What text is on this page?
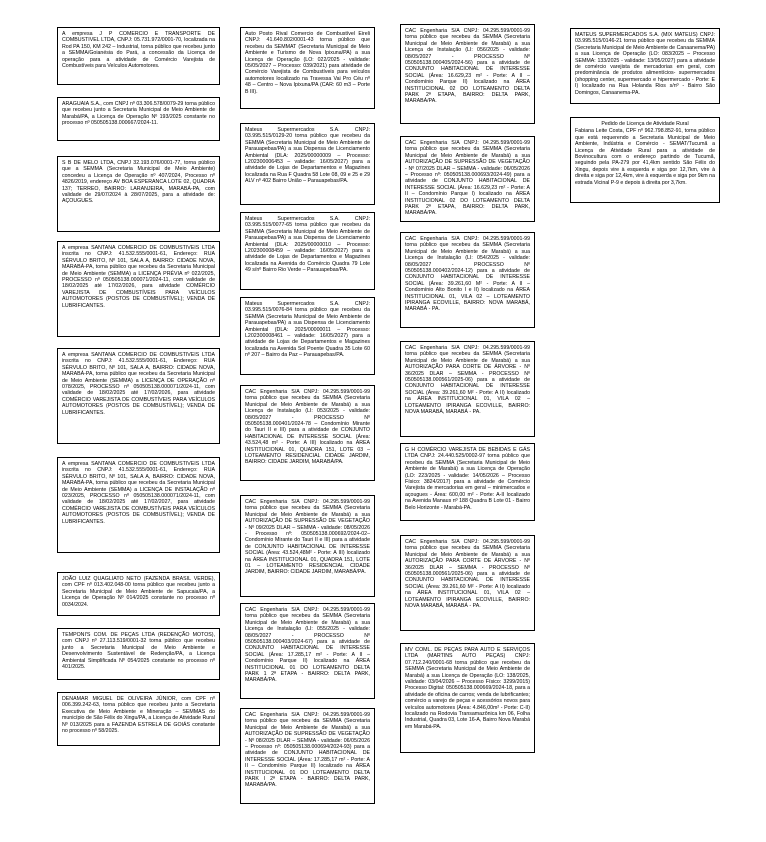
A empresa J P COMERCIO E TRANSPORTE DE COMBUSTIVEL LTDA, CNPJ: 05.731.972/0001-70, localizada na Rod PA 150, KM 242 – Industrial, torna público que recebeu junto a SEMMA/Goianésia do Pará, a concessão da Licença de operação para a atividade de Comércio Varejista de Combustíveis para Veículos Automotores.
ARAGUAIA S.A., com CNPJ nº 03.306.578/0079-29 torna público que recebeu junto a Secretaria Municipal de Meio Ambiente de Marabá/PA, a Licença de Operação Nº 193/2025 constante no processo nº 050505138.000667/2024-11.
S B DE MELO LTDA, CNPJ 32.193.076/0001-77, torna público que a SEMMA (Secretaria Municipal de Meio Ambiente) concedeu a Licença de Operação nº 407/2024, Processo nº 4826/2019, endereço AV BOA ESPERANCA LOTE 02, QUADRA 137; TERREO, BAIRRO: LARANJEIRA, MARABÁ-PA, com validade de 29/07/2024 à 28/07/2025, para a atividade de: AÇOUGUES.
A empresa SANTANA COMERCIO DE COMBUSTIVEIS LTDA inscrita no CNPJ: 41.532.555/0001-61, Endereço: RUA SÉRVULO BRITO, Nº 101, SALA A, BAIRRO: CIDADE NOVA, MARABÁ-PA, torna público que recebeu da Secretaria Municipal de Meio Ambiente (SEMMA) a LICENÇA PRÉVIA nº 022/2025, PROCESSO nº 050505138.000071/2024-11, com validade de 18/02/2025 até 17/02/2026, para atividade COMÉRCIO VAREJISTA DE COMBUSTÍVEIS PARA VEÍCULOS AUTOMOTORES (POSTOS DE COMBUSTÍVEL); VENDA DE LUBRIFICANTES.
A empresa SANTANA COMERCIO DE COMBUSTIVEIS LTDA inscrita no CNPJ: 41.532.555/0001-61, Endereço: RUA SÉRVULO BRITO, Nº 101, SALA A, BAIRRO: CIDADE NOVA, MARABÁ-PA, torna público que recebeu da Secretaria Municipal de Meio Ambiente (SEMMA) a LICENÇA DE OPERAÇÃO nº 078/2025, PROCESSO nº 050505138.000071/2024-11, com validade de 18/02/2025 até 17/02/2026, para atividade COMÉRCIO VAREJISTA DE COMBUSTÍVEIS PARA VEÍCULOS AUTOMOTORES (POSTOS DE COMBUSTÍVEL); VENDA DE LUBRIFICANTES.
A empresa SANTANA COMERCIO DE COMBUSTIVEIS LTDA inscrita no CNPJ: 41.532.555/0001-61, Endereço: RUA SÉRVULO BRITO, Nº 101, SALA A, BAIRRO: CIDADE NOVA, MARABÁ-PA, torna público que recebeu da Secretaria Municipal de Meio Ambiente (SEMMA) a LICENÇA DE INSTALAÇÃO nº 023/2025, PROCESSO nº 050505138.000071/2024-11, com validade de 18/02/2025 até 17/02/2027, para atividade COMÉRCIO VAREJISTA DE COMBUSTÍVEIS PARA VEÍCULOS AUTOMOTORES (POSTOS DE COMBUSTÍVEL); VENDA DE LUBRIFICANTES.
JOÃO LUIZ QUAGLIATO NETO (FAZENDA BRASIL VERDE), com CPF nº 013.402.048-00 torna público que recebeu junto a Secretaria Municipal de Meio Ambiente de Sapucaia/PA, a Licença de Operação Nº 014/2025 constante no processo nº 0034/2024.
TEMPONI'S COM. DE PEÇAS LTDA (REDENÇÃO MOTOS), com CNPJ nº 27.113.519/0001-32 torna público que recebeu junto a Secretaria Municipal de Meio Ambiente e Desenvolvimento Sustentável de Redenção/PA, a Licença Ambiental Simplificada Nº 054/2025 constante no processo nº 401/2025.
DENAMAR MIGUEL DE OLIVEIRA JÚNIOR, com CPF nº 006.399.242-63, torna público que recebeu junto a Secretaria Executiva de Meio Ambiente e Mineração – SEMMAS do município de São Félix do Xingu/PA, a Licença de Atividade Rural Nº 013/2025 para a FAZENDA ESTRELA DE GOIÁS constante no processo nº 58/2025.
Auto Posto Rival Comercio de Combustível Eireli CNPJ: 41.640.802/0001-43 torna público que recebeu da SEMMAT (Secretaria Municipal de Meio Ambiente e Turismo de Nova Ipixuna/PA) a sua Licença de Operação (LO: 022/2025 - validade: 05/05/2027 – Processo: 039/2021) para atividade de Comércio Varejista de Combustíveis para veículos automotores localizado na Travessa Vai Pro Céu nº 48 – Centro – Nova Ipixuna/PA (CAR: 60 m3 – Porte B III).
Mateus Supermercados S.A. CNPJ: 03.995.515/0129-20 torna público que recebeu da SEMMA (Secretaria Municipal de Meio Ambiente de Parauapebas/PA) a sua Dispensa de Licenciamento Ambiental (DLA: 2025/00000009 – Processo: L202300006453 – validade: 16/05/2027) para a atividade de Lojas de Departamentos e Magazines localizada na Rua F Quadra 58 Lote 08, 09 e 25 e 29 ALV nº 402 Bairro União – Parauapebas/PA.
Mateus Supermercados S.A. CNPJ: 03.995.515/0077-65 torna público que recebeu da SEMMA (Secretaria Municipal de Meio Ambiente de Parauapebas/PA) a sua Dispensa de Licenciamento Ambiental (DLA: 2025/00000010 – Processo: L202300008459 – validade: 16/05/2027) para a atividade de Lojas de Departamentos e Magazines localizada na Avenida do Comércio Quadra 79 Lote 49 s/nº Bairro Rio Verde – Parauapebas/PA.
Mateus Supermercados S.A. CNPJ: 03.995.515/0076-84 torna público que recebeu da SEMMA (Secretaria Municipal de Meio Ambiente de Parauapebas/PA) a sua Dispensa de Licenciamento Ambiental (DLA: 2025/00000011 – Processo: L202300008461 – validade: 16/05/2027) para a atividade de Lojas de Departamentos e Magazines localizada na Avenida Sol Poente Quadra 35 Lote 60 nº 207 – Bairro da Paz – Parauapebas/PA.
CAC Engenharia S/A CNPJ: 04.295.599/0001-99 torna público que recebeu da SEMMA (Secretaria Municipal de Meio Ambiente de Marabá) a sua Licença de Instalação (LI: 053/2025 - validade: 08/05/2027 - PROCESSO Nº 050505138.000401/2024-78 – Condomínio Mirante do Tauri II e III) para a atividade de CONJUNTO HABITACIONAL DE INTERESSE SOCIAL (Área: 43.524,48 m² - Porte: A III) localizado na ÁREA INSTITUCIONAL 01, QUADRA 151, LOTE 03 – LOTEAMENTO RESIDENCIAL CIDADE JARDIM, BAIRRO: CIDADE JARDIM, MARABÁ/PA.
CAC Engenharia S/A CNPJ: 04.295.599/0001-99 torna público que recebeu da SEMMA (Secretaria Municipal de Meio Ambiente de Marabá) a sua AUTORIZAÇÃO DE SUPRESSÃO DE VEGETAÇÃO - Nº 09/2025 DLAR – SEMMA - validade: 08/05/2026 - Processo nº: 050505138.000692/2024-02– Condomínio Mirante do Tauri II e III) para a atividade de CONJUNTO HABITACIONAL DE INTERESSE SOCIAL (Área: 43.524,48M² - Porte: A III) localizado na ÁREA INSTITUCIONAL 01, QUADRA 151, LOTE 01 – LOTEAMENTO RESIDENCIAL CIDADE JARDIM, BAIRRO: CIDADE JARDIM, MARABÁ/PA.
CAC Engenharia S/A CNPJ: 04.295.599/0001-99 torna público que recebeu da SEMMA (Secretaria Municipal de Meio Ambiente de Marabá) a sua Licença de Instalação (LI: 055/2025 - validade: 08/05/2027 - PROCESSO Nº 050505138.000403/2024-67) para a atividade de CONJUNTO HABITACIONAL DE INTERESSE SOCIAL (Área: 17.285,17 m² - Porte: A II – Condomínio Parque II) localizado na ÁREA INSTITUCIONAL 01 DO LOTEAMENTO DELTA PARK 1 2ª ETAPA - BAIRRO: DELTA PARK, MARABÁ/PA.
CAC Engenharia S/A CNPJ: 04.295.599/0001-99 torna público que recebeu da SEMMA (Secretaria Municipal de Meio Ambiente de Marabá) a sua AUTORIZAÇÃO DE SUPRESSÃO DE VEGETAÇÃO - Nº 08/2025 DLAR – SEMMA - validade: 06/05/2026 – Processo nº: 050505138.000694/2024-93) para a atividade de CONJUNTO HABITACIONAL DE INTERESSE SOCIAL (Área: 17.285,17 m² - Porte: A II – Condomínio Parque II) localizado na ÁREA INSTITUCIONAL 01 DO LOTEAMENTO DELTA PARK I 2ª ETAPA - BAIRRO: DELTA PARK, MARABÁ/PA.
CAC Engenharia S/A CNPJ: 04.295.599/0001-99 torna público que recebeu da SEMMA (Secretaria Municipal de Meio Ambiente de Marabá) a sua Licença de Instalação (LI: 056/2025 - validade: 08/05/2027 - PROCESSO Nº 050505138.000405/2024-56) para a atividade de CONJUNTO HABITACIONAL DE INTERESSE SOCIAL (Área: 16.629,23 m² - Porte: A II – Condomínio Parque II) localizado na ÁREA INSTITUCIONAL 02 DO LOTEAMENTO DELTA PARK 2ª ETAPA, BAIRRO: DELTA PARK, MARABÁ/PA.
CAC Engenharia S/A CNPJ: 04.295.599/0001-99 torna público que recebeu da SEMMA (Secretaria Municipal de Meio Ambiente de Marabá) a sua AUTORIZAÇÃO DE SUPRESSÃO DE VEGETAÇÃO - Nº 07/2025 DLAR – SEMMA - validade: 06/05/2026 – Processo nº: 050505138.000693/2024-49) para a atividade de CONJUNTO HABITACIONAL DE INTERESSE SOCIAL (Área: 16.629,23 m² - Porte: A II – Condomínio Parque I) localizado na ÁREA INSTITUCIONAL 02 DO LOTEAMENTO DELTA PARK 2ª ETAPA, BAIRRO: DELTA PARK, MARABÁ/PA.
CAC Engenharia S/A CNPJ: 04.295.599/0001-99 torna público que recebeu da SEMMA (Secretaria Municipal de Meio Ambiente de Marabá) a sua Licença de Instalação (LI: 054/2025 - validade: 08/05/2027 - PROCESSO Nº 050505138.000402/2024-12) para a atividade de CONJUNTO HABITACIONAL DE INTERESSE SOCIAL (Área: 39.261,60 M² - Porte: A II – Condomínio Alto Bonito I e II) localizado na ÁREA INSTITUCIONAL 01, VILA 02 – LOTEAMENTO IPIRANGA ECOVILLE, BAIRRO: NOVA MARABÁ, MARABÁ - PA.
CAC Engenharia S/A CNPJ: 04.295.599/0001-99 torna público que recebeu da SEMMA (Secretaria Municipal de Meio Ambiente de Marabá) a sua AUTORIZAÇÃO PARA CORTE DE ÁRVORE - Nº 36/2025 DLAR – SEMMA - PROCESSO Nº 050505138.000561/2025-06) para a atividade de CONJUNTO HABITACIONAL DE INTERESSE SOCIAL (Área: 39.261,60 M² - Porte: A II) localizado na ÁREA INSTITUCIONAL 01, VILA 02 – LOTEAMENTO IPIRANGA ECOVILLE, BAIRRO: NOVA MARABÁ, MARABÁ - PA.
G H COMÉRCIO VAREJISTA DE BEBIDAS E GÁS LTDA CNPJ: 24.440.525/0002-97 torna público que recebeu da SEMMA (Secretaria Municipal de Meio Ambiente de Marabá) a sua Licença de Operação (LO: 223/2025 - validade: 14/05/2026 – Processo Físico: 3824/2017) para a atividade de Comércio Varejista de mercadorias em geral – minimercados e açougues - Área: 600,00 m² - Porte: A-II localizado na Avenida Manaus nº 188 Quadra B Lote 01 - Bairro Belo Horizonte - Marabá-PA.
CAC Engenharia S/A CNPJ: 04.295.599/0001-99 torna público que recebeu da SEMMA (Secretaria Municipal de Meio Ambiente de Marabá) a sua AUTORIZAÇÃO PARA CORTE DE ÁRVORE - Nº 36/2025 DLAR – SEMMA - PROCESSO Nº 050505138.000561/2025-06) para a atividade de CONJUNTO HABITACIONAL DE INTERESSE SOCIAL (Área: 39.261,60 M² - Porte: A II) localizado na ÁREA INSTITUCIONAL 01, VILA 02 – LOTEAMENTO IPIRANGA ECOVILLE, BAIRRO: NOVA MARABÁ, MARABÁ - PA.
MV COML. DE PEÇAS PARA AUTO E SERVIÇOS LTDA (MARTINS AUTO PEÇAS) CNPJ: 07.712.240/0001-68 torna público que recebeu da SEMMA (Secretaria Municipal de Meio Ambiente de Marabá) a sua Licença de Operação (LO: 138/2025, validade: 03/04/2026 – Processo Físico: 3299/2015) Processo Digital: 050505138.000669/2024-18, para a atividade de oficina de carros; venda de lubrificantes; comércio a varejo de peças e acessórios novos para veículos automotores (Área: 4.846,00m² - Porte: C-II) localizado na Rodovia Transamazônica km 06, Folha Industrial, Quadra 03, Lote 16-A, Bairro Nova Marabá em Marabá-PA.
MATEUS SUPERMERCADOS S.A. (MIX MATEUS) CNPJ: 03.995.515/0146-21 torna público que recebeu da SEMMA (Secretaria Municipal de Meio Ambiente de Canaanema/PA) a sua Licença de Operação (LO: 083/2025 – Processo SEMMA: 133/2025 - validade: 13/05/2027) para a atividade de comércio varejista de mercadorias em geral, com predominância de produtos alimentícios- supermercados (shopping center, supermercado e hipermercado - Porte: E I) localizado na Rua Holanda Rios s/nº - Bairro São Domingos, Canaanema-PA.
Pedido de Licença de Atividade Rural
Fabiana Leite Costa, CPF nº 962.798.852-91, torna público que está requerendo a Secretaria Municipal de Meio Ambiente, Indústria e Comércio - SEMAT/Tucumã a Licença de Atividade Rural para a atividade de Bovinocultura com o endereço partindo de Tucumã, seguindo pela PA-279 por 41,4km sentido São Félix do Xingu, depois vire à esquerda e siga por 12,7km, vire à direita e siga por 12,4km, vire à esquerda e siga por 9km na estrada Vicinal P-9 e depois à direita por 3,7km.
